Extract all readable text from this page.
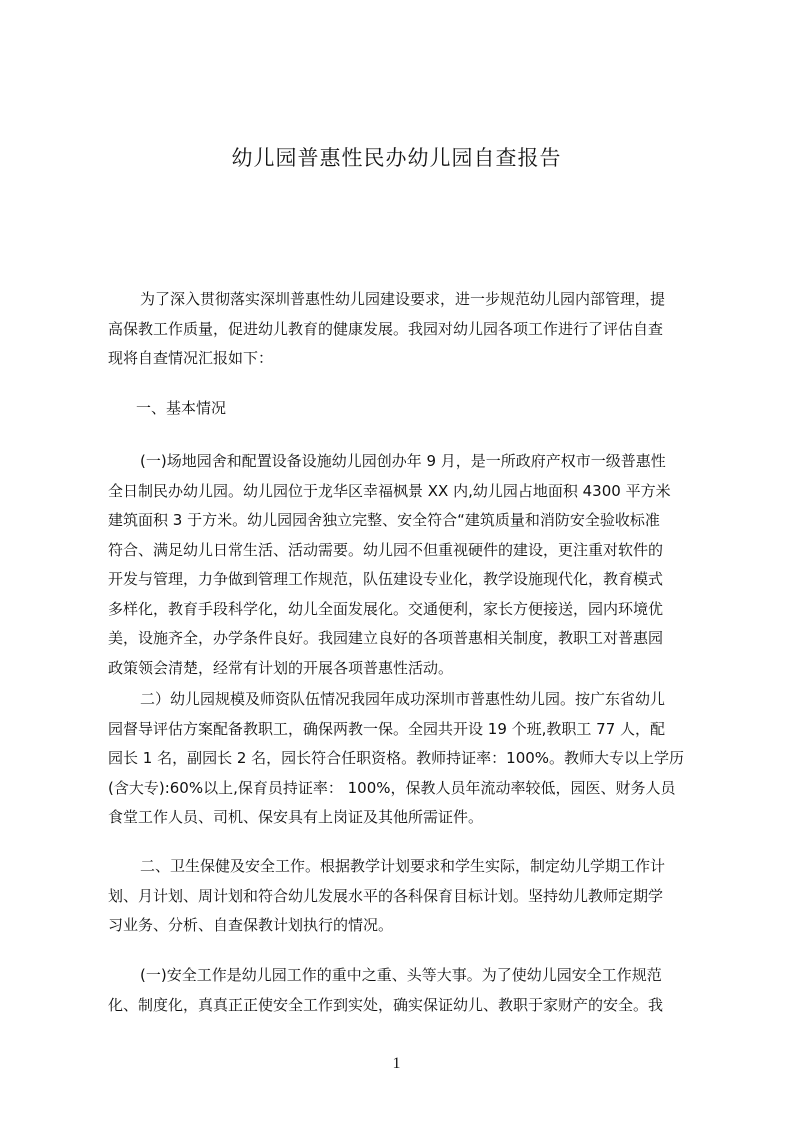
幼儿园普惠性民办幼儿园自查报告
为了深入贯彻落实深圳普惠性幼儿园建设要求，进一步规范幼儿园内部管理，提
高保教工作质量，促进幼儿教育的健康发展。我园对幼儿园各项工作进行了评估自查
现将自查情况汇报如下：
一、基本情况
(一)场地园舍和配置设备设施幼儿园创办年 9 月，是一所政府产权市一级普惠性
全日制民办幼儿园。幼儿园位于龙华区幸福枫景 XX 内,幼儿园占地面积 4300 平方米
建筑面积 3 于方米。幼儿园园舍独立完整、安全符合“建筑质量和消防安全验收标准
符合、满足幼儿日常生活、活动需要。幼儿园不但重视硬件的建设，更注重对软件的
开发与管理，力争做到管理工作规范，队伍建设专业化，教学设施现代化，教育模式
多样化，教育手段科学化，幼儿全面发展化。交通便利，家长方便接送，园内环境优
美，设施齐全，办学条件良好。我园建立良好的各项普惠相关制度，教职工对普惠园
政策领会清楚，经常有计划的开展各项普惠性活动。
二）幼儿园规模及师资队伍情况我园年成功深圳市普惠性幼儿园。按广东省幼儿
园督导评估方案配备教职工，确保两教一保。全园共开设 19 个班,教职工 77 人，配
园长 1 名，副园长 2 名，园长符合任职资格。教师持证率：100%。教师大专以上学历
(含大专):60%以上,保育员持证率： 100%，保教人员年流动率较低，园医、财务人员
食堂工作人员、司机、保安具有上岗证及其他所需证件。
二、卫生保健及安全工作。根据教学计划要求和学生实际，制定幼儿学期工作计
划、月计划、周计划和符合幼儿发展水平的各科保育目标计划。坚持幼儿教师定期学
习业务、分析、自查保教计划执行的情况。
(一)安全工作是幼儿园工作的重中之重、头等大事。为了使幼儿园安全工作规范
化、制度化，真真正正使安全工作到实处，确实保证幼儿、教职于家财产的安全。我
1
